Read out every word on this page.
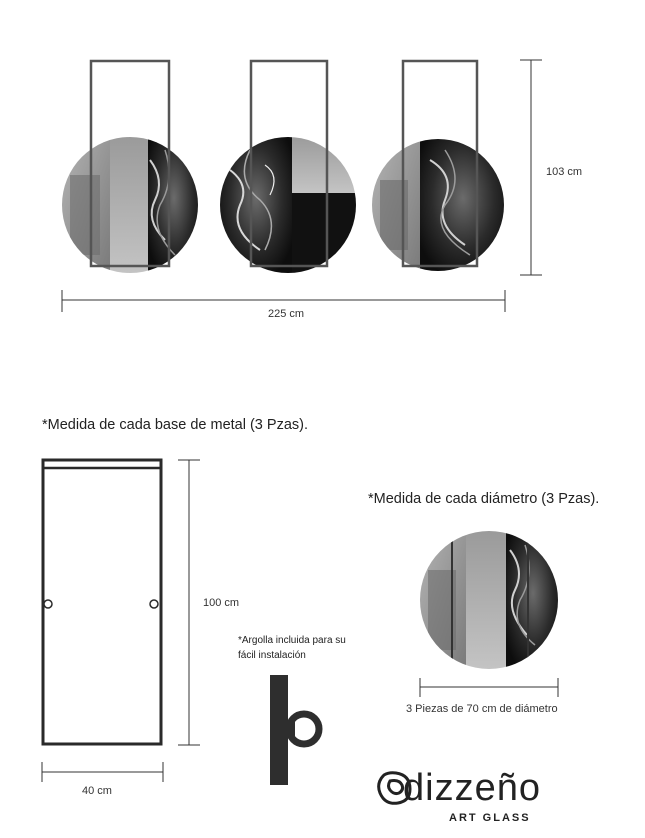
103 cm
225 cm
*Medida de cada base de metal (3 Pzas).
100 cm
40 cm
*Argolla incluida para su
fácil instalación
*Medida de cada diámetro (3 Pzas).
3 Piezas de 70 cm de diámetro
dizzeño
ART GLASS
